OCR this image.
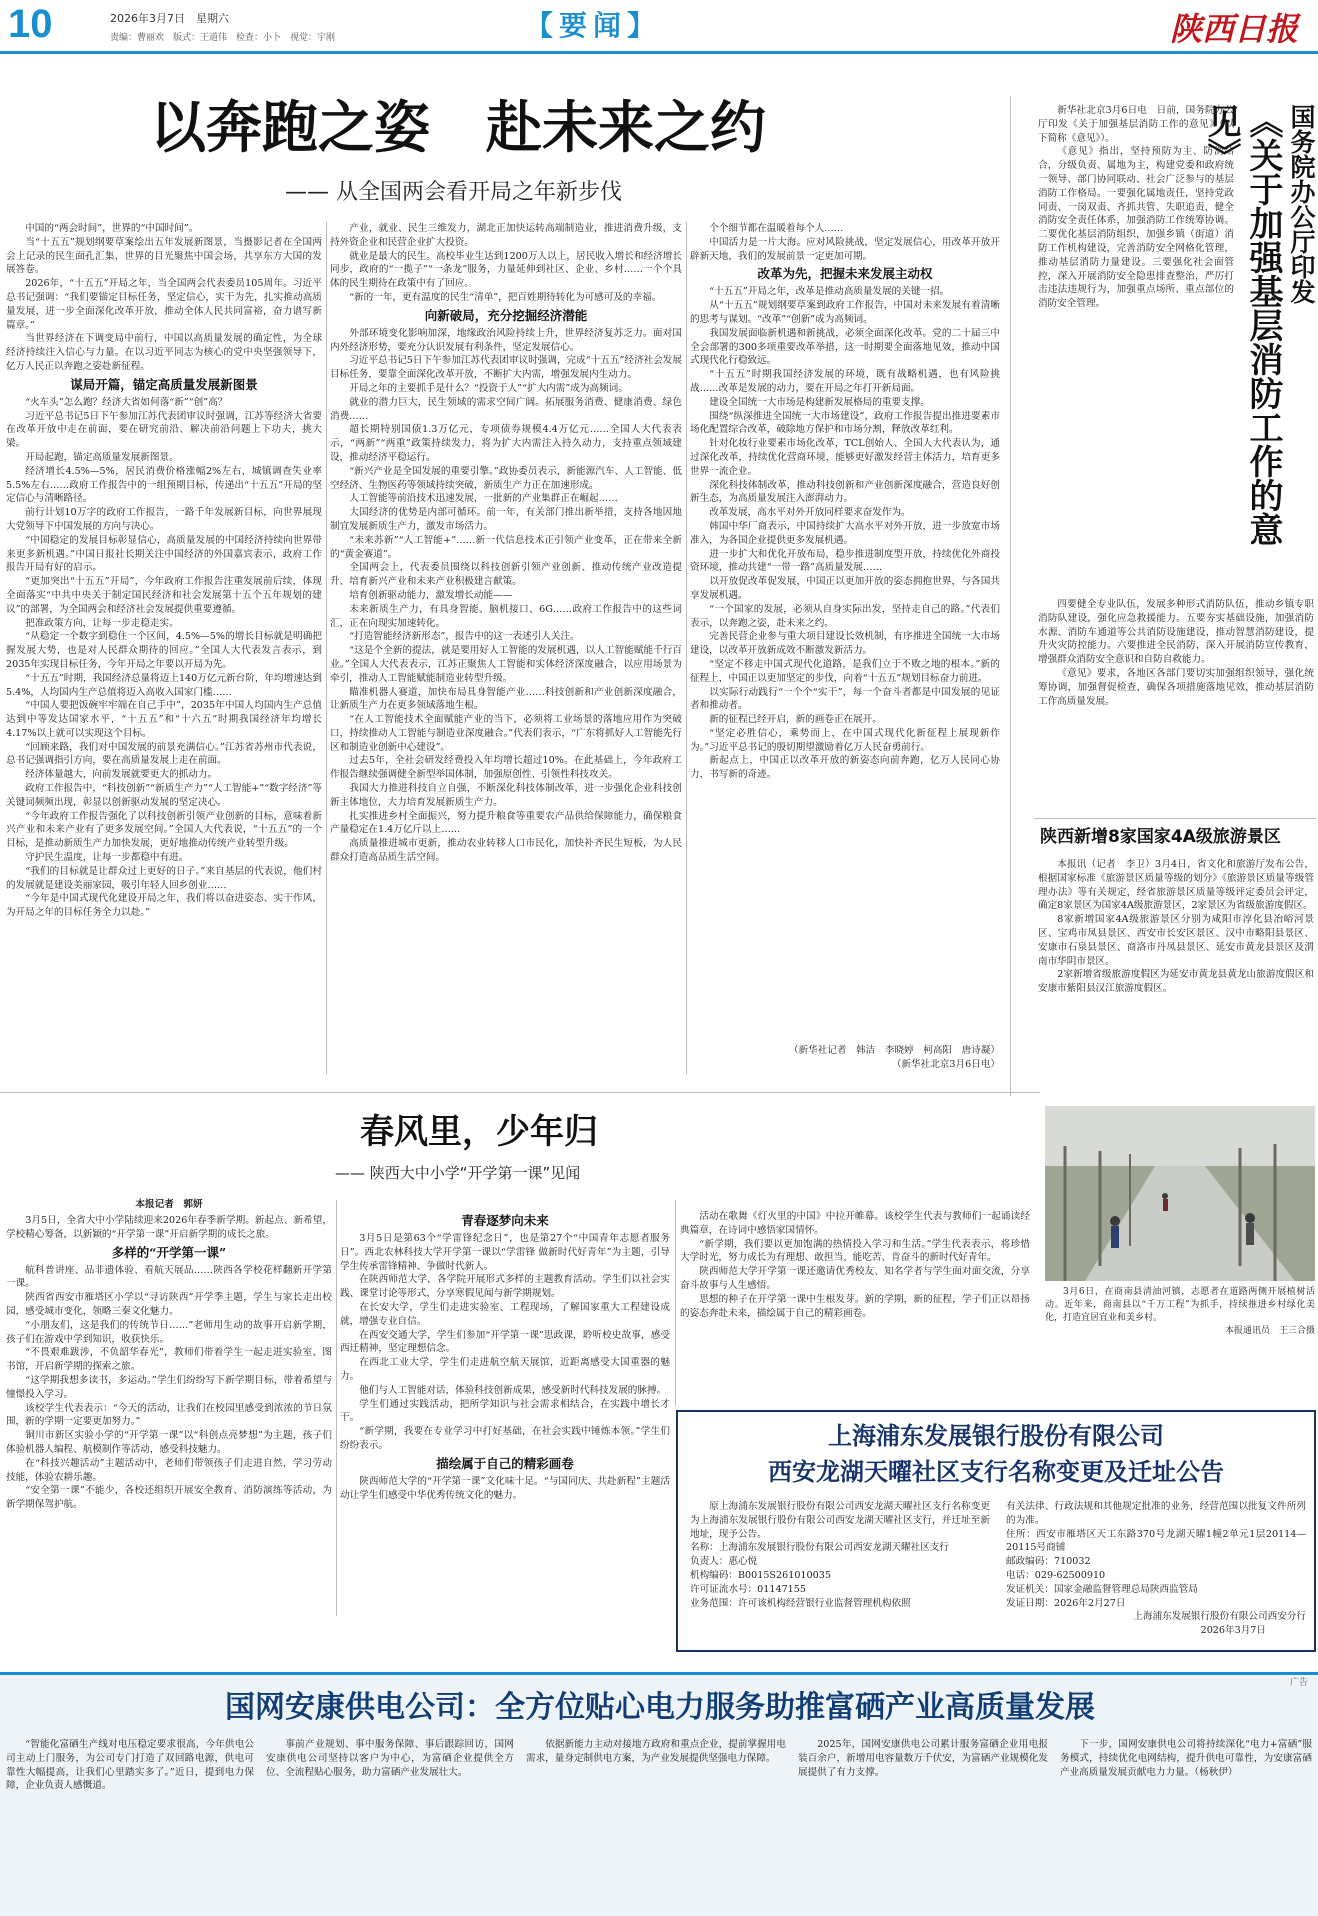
10	2026年3月7日　 星期六
责编：曹丽欢　版式：王道伟　检查：小卜　视觉：宇刚	【要闻】	陕西日报
以奔跑之姿　赴未来之约
—— 从全国两会看开局之年新步伐

中国的“两会时间”，世界的“中国时间”。

当“十五五”规划纲要草案绘出五年发展新图景，当摄影记者在全国两会上记录的民生面孔汇集，世界的目光聚焦中国会场，共享东方大国的发展答卷。

2026年，“十五五”开局之年，当全国两会代表委员105周年。习近平总书记强调：“我们要锚定目标任务，坚定信心，实干为先，扎实推动高质量发展，进一步全面深化改革开放，推动全体人民共同富裕，奋力谱写新篇章。”

当世界经济在下调变局中前行，中国以高质量发展的确定性，为全球经济持续注入信心与力量。在以习近平同志为核心的党中央坚强领导下，亿万人民正以奔跑之姿赴新征程。

谋局开篇，锚定高质量发展新图景

“火车头”怎么跑？经济大省如何落“新”“创”高？

习近平总书记5日下午参加江苏代表团审议时强调，江苏等经济大省要在改革开放中走在前面，要在研究前沿、解决前沿问题上下功夫，挑大梁。

开局起跑，锚定高质量发展新图景。

经济增长4.5%—5%，居民消费价格涨幅2%左右，城镇调查失业率5.5%左右……政府工作报告中的一组预期目标，传递出“十五五”开局的坚定信心与清晰路径。

前行计划10万字的政府工作报告，一路千年发展新目标，向世界展现大党领导下中国发展的方向与决心。

“中国稳定的发展目标彰显信心，高质量发展的中国经济持续向世界带来更多新机遇。”中国日报社长期关注中国经济的外国嘉宾表示，政府工作报告开局有好的启示。

“更加突出“十五五”开局”，今年政府工作报告注重发展前后续，体现全面落实“中共中央关于制定国民经济和社会发展第十五个五年规划的建议”的部署，为全国两会和经济社会发展提供重要遵循。

把准政策方向，让每一步走稳走实。

“从稳定一个数字到稳住一个区间，4.5%—5%的增长目标就是明确把握发展大势，也是对人民群众期待的回应。”全国人大代表发言表示，到2035年实现目标任务，今年开局之年要以开局为先。

“十五五”时期，我国经济总量将迈上140万亿元新台阶，年均增速达到5.4%，人均国内生产总值将迈入高收入国家门槛……

“中国人要把饭碗牢牢端在自己手中”，2035年中国人均国内生产总值达到中等发达国家水平，“十五五”和“十六五”时期我国经济年均增长4.17%以上就可以实现这个目标。

“回顾来路，我们对中国发展的前景充满信心。”江苏省苏州市代表说，总书记强调指引方向，要在高质量发展上走在前面。

经济体量越大，向前发展就要更大的抓动力。

政府工作报告中，“科技创新”“新质生产力”“人工智能+”“数字经济”等关键词频频出现，彰显以创新驱动发展的坚定决心。

“今年政府工作报告强化了以科技创新引领产业创新的目标，意味着新兴产业和未来产业有了更多发展空间。”全国人大代表说，“十五五”的一个目标，是推动新质生产力加快发展，更好地推动传统产业转型升级。

守护民生温度，让每一步都稳中有进。

“我们的目标就是让群众过上更好的日子。”来自基层的代表说，他们村的发展就是建设美丽家园，吸引年轻人回乡创业……

“今年是中国式现代化建设开局之年，我们将以奋进姿态、实干作风，为开局之年的目标任务全力以赴。”

产业，就业、民生三维发力，湖北正加快运转高端制造业，推进消费升级，支持外资企业和民营企业扩大投资。

就业是最大的民生。高校毕业生达到1200万人以上，居民收入增长和经济增长同步，政府的“一揽子”“一条龙”服务，力量延伸到社区、企业、乡村……一个个具体的民生期待在政策中有了回应。

“新的一年，更有温度的民生“清单”，把百姓期待转化为可感可及的幸福。

向新破局，充分挖掘经济潜能

外部环境变化影响加深，地缘政治风险持续上升，世界经济复苏乏力。面对国内外经济形势，要充分认识发展有利条件，坚定发展信心。

习近平总书记5日下午参加江苏代表团审议时强调，完成“十五五”经济社会发展目标任务，要靠全面深化改革开放，不断扩大内需，增强发展内生动力。

开局之年的主要抓手是什么？“投资于人”“扩大内需”成为高频词。

就业的潜力巨大，民生领域的需求空间广阔。拓展服务消费、健康消费、绿色消费……

超长期特别国债1.3万亿元，专项债券规模4.4万亿元……全国人大代表表示，“两新”“两重”政策持续发力，将为扩大内需注入持久动力，支持重点领域建设，推动经济平稳运行。

“新兴产业是全国发展的重要引擎。”政协委员表示，新能源汽车、人工智能、低空经济、生物医药等领域持续突破，新质生产力正在加速形成。

人工智能等前沿技术迅速发展，一批新的产业集群正在崛起……

大国经济的优势是内部可循环。前一年，有关部门推出新举措，支持各地因地制宜发展新质生产力，激发市场活力。

“未来苏新”“人工智能+”……新一代信息技术正引领产业变革，正在带来全新的“黄金赛道”。

全国两会上，代表委员围绕以科技创新引领产业创新、推动传统产业改造提升、培育新兴产业和未来产业积极建言献策。

培育创新驱动能力，激发增长动能——

未来新质生产力，有具身智能、脑机接口、6G……政府工作报告中的这些词汇，正在向现实加速转化。

“打造智能经济新形态”，报告中的这一表述引人关注。

“这是个全新的提法，就是要用好人工智能的发展机遇，以人工智能赋能千行百业。”全国人大代表表示，江苏正聚焦人工智能和实体经济深度融合，以应用场景为牵引，推动人工智能赋能制造业转型升级。

瞄准机器人赛道，加快布局具身智能产业……科技创新和产业创新深度融合，让新质生产力在更多领域落地生根。

“在人工智能技术全面赋能产业的当下，必须将工业场景的落地应用作为突破口，持续推动人工智能与制造业深度融合。”代表们表示，“广东将抓好人工智能先行区和制造业创新中心建设”。

过去5年，全社会研发经费投入年均增长超过10%。在此基础上，今年政府工作报告继续强调健全新型举国体制，加强原创性、引领性科技攻关。

我国大力推进科技自立自强，不断深化科技体制改革，进一步强化企业科技创新主体地位，大力培育发展新质生产力。

扎实推进乡村全面振兴，努力提升粮食等重要农产品供给保障能力，确保粮食产量稳定在1.4万亿斤以上……

高质量推进城市更新，推动农业转移人口市民化，加快补齐民生短板，为人民群众打造高品质生活空间。

个个细节都在温暖着每个人……

中国活力是一片大海。应对风险挑战，坚定发展信心，用改革开放开辟新天地，我们的发展前景一定更加可期。

改革为先，把握未来发展主动权

“十五五”开局之年，改革是推动高质量发展的关键一招。

从“十五五”规划纲要草案到政府工作报告，中国对未来发展有着清晰的思考与谋划。“改革”“创新”成为高频词。

我国发展面临新机遇和新挑战，必须全面深化改革。党的二十届三中全会部署的300多项重要改革举措，这一时期要全面落地见效，推动中国式现代化行稳致远。

“十五五”时期我国经济发展的环境，既有战略机遇，也有风险挑战……改革是发展的动力，要在开局之年打开新局面。

建设全国统一大市场是构建新发展格局的重要支撑。

围绕“纵深推进全国统一大市场建设”，政府工作报告提出推进要素市场化配置综合改革，破除地方保护和市场分割，释放改革红利。

针对化妆行业要素市场化改革，TCL创始人、全国人大代表认为，通过深化改革，持续优化营商环境，能够更好激发经营主体活力，培育更多世界一流企业。

深化科技体制改革，推动科技创新和产业创新深度融合，营造良好创新生态，为高质量发展注入澎湃动力。

改革发展，高水平对外开放同样要求奋发作为。

韩国中华厂商表示，中国持续扩大高水平对外开放，进一步放宽市场准入，为各国企业提供更多发展机遇。

进一步扩大和优化开放布局，稳步推进制度型开放，持续优化外商投资环境，推动共建“一带一路”高质量发展……

以开放促改革促发展，中国正以更加开放的姿态拥抱世界，与各国共享发展机遇。

“一个国家的发展，必须从自身实际出发，坚持走自己的路。”代表们表示，以奔跑之姿，赴未来之约。

完善民营企业参与重大项目建设长效机制，有序推进全国统一大市场建设，以改革开放新成效不断激发新活力。

“坚定不移走中国式现代化道路，是我们立于不败之地的根本。”新的征程上，中国正以更加坚定的步伐，向着“十五五”规划目标奋力前进。

以实际行动践行“一个个“实干”，每一个奋斗者都是中国发展的见证者和推动者。

新的征程已经开启，新的画卷正在展开。

“坚定必胜信心，乘势而上，在中国式现代化新征程上展现新作为。”习近平总书记的殷切期望激励着亿万人民奋勇前行。

新起点上，中国正以改革开放的新姿态向前奔跑，亿万人民同心协力，书写新的奇迹。

（新华社记者　韩洁　李晓婷　柯高阳　唐诗凝）
（新华社北京3月6日电）
国务院办公厅印发
《关于加强基层消防工作的意见》

新华社北京3月6日电　日前，国务院办公厅印发《关于加强基层消防工作的意见》（以下简称《意见》）。

《意见》指出，坚持预防为主、防消结合，分级负责、属地为主，构建党委和政府统一领导、部门协同联动、社会广泛参与的基层消防工作格局。一要强化属地责任，坚持党政同责、一岗双责、齐抓共管、失职追责，健全消防安全责任体系，加强消防工作统筹协调。二要优化基层消防组织，加强乡镇（街道）消防工作机构建设，完善消防安全网格化管理，推动基层消防力量建设。三要强化社会面管控，深入开展消防安全隐患排查整治，严厉打击违法违规行为，加强重点场所、重点部位的消防安全管理。

四要健全专业队伍，发展多种形式消防队伍，推动乡镇专职消防队建设，强化应急救援能力。五要夯实基础设施，加强消防水源、消防车通道等公共消防设施建设，推动智慧消防建设，提升火灾防控能力。六要推进全民消防，深入开展消防宣传教育，增强群众消防安全意识和自防自救能力。

《意见》要求，各地区各部门要切实加强组织领导，强化统筹协调，加强督促检查，确保各项措施落地见效，推动基层消防工作高质量发展。

陕西新增8家国家4A级旅游景区

本报讯（记者　李卫）3月4日，省文化和旅游厅发布公告，根据国家标准《旅游景区质量等级的划分》《旅游景区质量等级管理办法》等有关规定，经省旅游景区质量等级评定委员会评定，确定8家景区为国家4A级旅游景区，2家景区为省级旅游度假区。

8家新增国家4A级旅游景区分别为咸阳市淳化县冶峪河景区、宝鸡市凤县景区、西安市长安区景区、汉中市略阳县景区、安康市石泉县景区、商洛市丹凤县景区、延安市黄龙县景区及渭南市华阴市景区。

2家新增省级旅游度假区为延安市黄龙县黄龙山旅游度假区和安康市紫阳县汉江旅游度假区。

春风里，少年归
—— 陕西大中小学“开学第一课”见闻
本报记者　郭妍

3月5日，全省大中小学陆续迎来2026年春季新学期。新起点、新希望，学校精心筹备，以新颖的“开学第一课”开启新学期的成长之旅。

多样的“开学第一课”

航科普讲座、品非遗体验、看航天展品……陕西各学校花样翻新开学第一课。

陕西省西安市雁塔区小学以“寻访陕西”开学季主题，学生与家长走出校园，感受城市变化，领略三秦文化魅力。

“小朋友们，这是我们的传统节日……”老师用生动的故事开启新学期，孩子们在游戏中学到知识，收获快乐。

“不畏艰难跋涉，不负韶华春光”，教师们带着学生一起走进实验室、图书馆，开启新学期的探索之旅。

“这学期我想多读书，多运动。”学生们纷纷写下新学期目标，带着希望与憧憬投入学习。

该校学生代表表示：“今天的活动，让我们在校园里感受到浓浓的节日氛围，新的学期一定要更加努力。”

铜川市新区实验小学的“开学第一课”以“科创点亮梦想”为主题，孩子们体验机器人编程、航模制作等活动，感受科技魅力。

在“科技兴趣活动”主题活动中，老师们带领孩子们走进自然，学习劳动技能，体验农耕乐趣。

“安全第一课”不能少，各校还组织开展安全教育、消防演练等活动，为新学期保驾护航。

青春逐梦向未来

3月5日是第63个“学雷锋纪念日”，也是第27个“中国青年志愿者服务日”。西北农林科技大学开学第一课以“学雷锋 做新时代好青年”为主题，引导学生传承雷锋精神、争做时代新人。

在陕西师范大学，各学院开展形式多样的主题教育活动。学生们以社会实践、课堂讨论等形式，分享寒假见闻与新学期规划。

在长安大学，学生们走进实验室、工程现场，了解国家重大工程建设成就，增强专业自信。

在西安交通大学，学生们参加“开学第一课”思政课，聆听校史故事，感受西迁精神，坚定理想信念。

在西北工业大学，学生们走进航空航天展馆，近距离感受大国重器的魅力。

他们与人工智能对话，体验科技创新成果，感受新时代科技发展的脉搏。

学生们通过实践活动，把所学知识与社会需求相结合，在实践中增长才干。

“新学期，我要在专业学习中打好基础，在社会实践中锤炼本领。”学生们纷纷表示。

描绘属于自己的精彩画卷

陕西师范大学的“开学第一课”文化味十足。“与国同庆、共赴新程”主题活动让学生们感受中华优秀传统文化的魅力。

活动在歌舞《灯火里的中国》中拉开帷幕。该校学生代表与教师们一起诵读经典篇章，在诗词中感悟家国情怀。

“新学期，我们要以更加饱满的热情投入学习和生活。”学生代表表示，将珍惜大学时光，努力成长为有理想、敢担当、能吃苦、肯奋斗的新时代好青年。

陕西师范大学开学第一课还邀请优秀校友、知名学者与学生面对面交流，分享奋斗故事与人生感悟。

思想的种子在开学第一课中生根发芽。新的学期，新的征程，学子们正以昂扬的姿态奔赴未来，描绘属于自己的精彩画卷。

3月6日，在商南县清油河镇，志愿者在道路两侧开展植树活动。近年来，商南县以“千万工程”为抓手，持续推进乡村绿化美化，打造宜居宜业和美乡村。

本报通讯员　王三合摄
上海浦东发展银行股份有限公司
西安龙湖天曜社区支行名称变更及迁址公告

原上海浦东发展银行股份有限公司西安龙湖天曜社区支行名称变更为上海浦东发展银行股份有限公司西安龙湖天曜社区支行，并迁址至新地址，现予公告。

名称：上海浦东发展银行股份有限公司西安龙湖天曜社区支行
负责人：惠心悦
机构编码：B0015S261010035
许可证流水号：01147155
业务范围：许可该机构经营银行业监督管理机构依照
有关法律、行政法规和其他规定批准的业务，经营范围以批复文件所列的为准。
住所：西安市雁塔区天工东路370号龙湖天曜1幢2单元1层20114—20115号商铺
邮政编码：710032
电话：029-62500910
发证机关：国家金融监督管理总局陕西监管局
发证日期：2026年2月27日
上海浦东发展银行股份有限公司西安分行
2026年3月7日
广告
国网安康供电公司：全方位贴心电力服务助推富硒产业高质量发展

“智能化富硒生产线对电压稳定要求很高，今年供电公司主动上门服务，为公司专门打造了双回路电源，供电可靠性大幅提高，让我们心里踏实多了。”近日，提到电力保障，企业负责人感慨道。

事前产业规划、事中服务保障、事后跟踪回访，国网安康供电公司坚持以客户为中心，为富硒企业提供全方位、全流程贴心服务，助力富硒产业发展壮大。

依据新能力主动对接地方政府和重点企业，提前掌握用电需求，量身定制供电方案，为产业发展提供坚强电力保障。

2025年，国网安康供电公司累计服务富硒企业用电报装百余户，新增用电容量数万千伏安，为富硒产业规模化发展提供了有力支撑。

下一步，国网安康供电公司将持续深化“电力+富硒”服务模式，持续优化电网结构，提升供电可靠性，为安康富硒产业高质量发展贡献电力力量。（杨秋伊）
